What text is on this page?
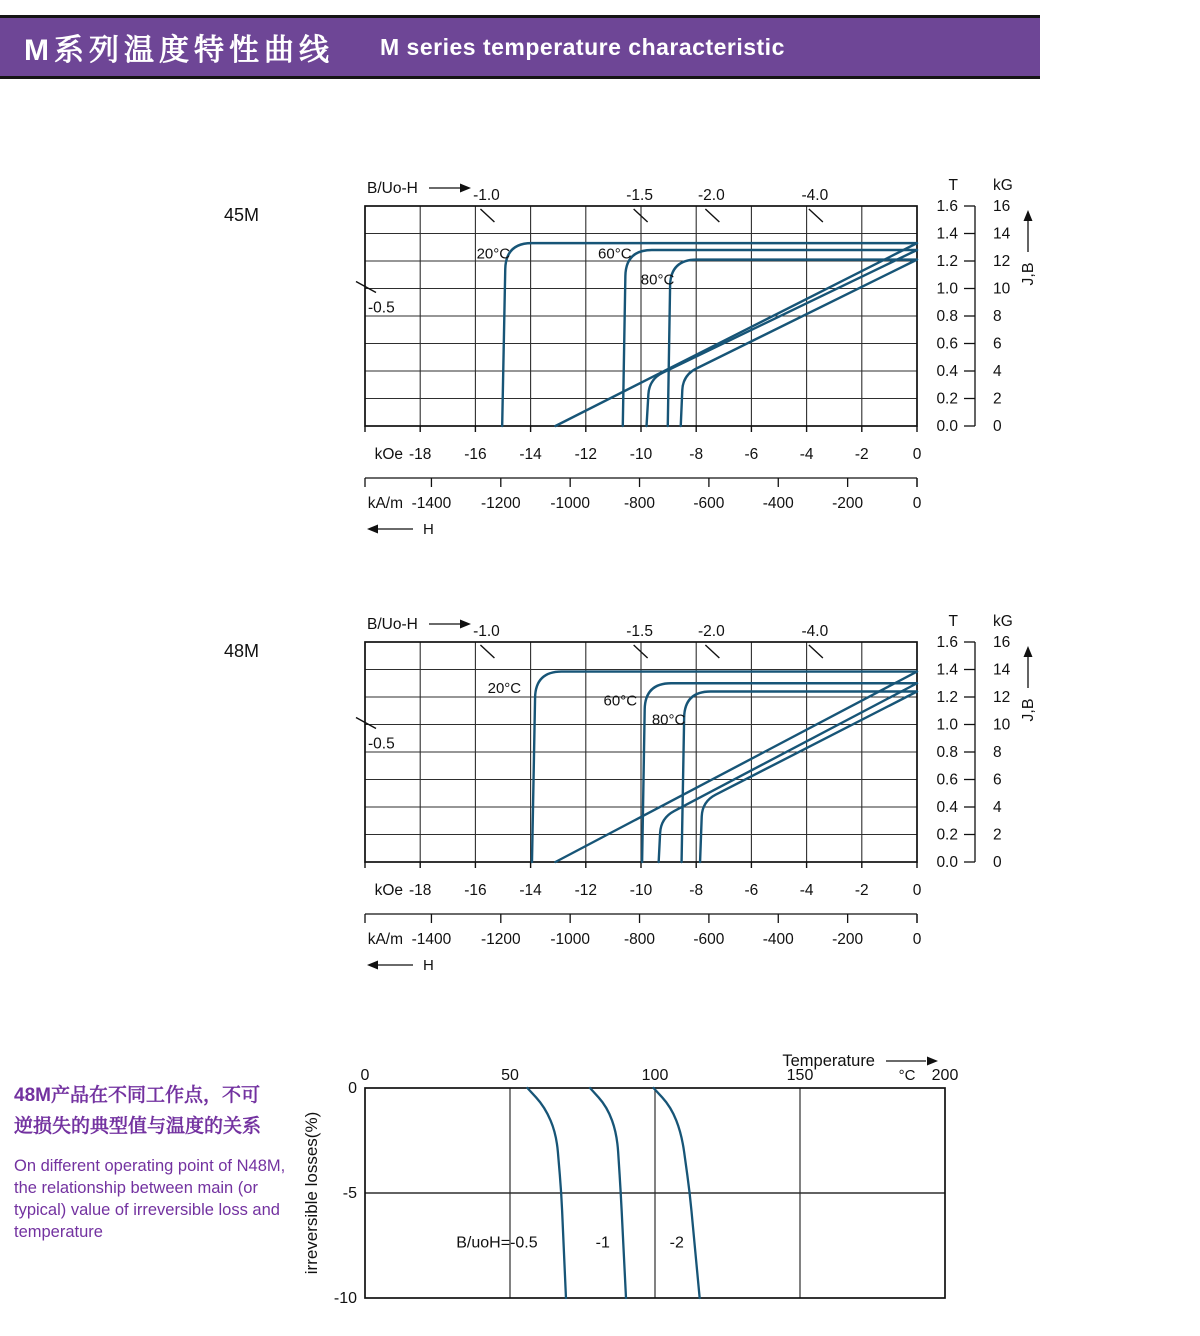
M系列温度特性曲线 M series temperature characteristic
45M
B/Uo-H	-1.0	-1.5	-2.0	-4.0
-0.5
20°C	60°C
80°C
kOe -18 -16 -14 -12 -10 -8	-6	-4	-2	0
kA/m -1400 -1200 -1000 -800 -600 -400 -200	0
H
1.6 16
1.4 14
1.2 12
1.0 10
0.8 8
0.6 6
0.4 4
0.2 2
0.0 0
T kG
J,B
48M
B/Uo-H	-1.0	-1.5	-2.0	-4.0
-0.5
20°C
60°C
80°C
kOe -18 -16 -14 -12 -10 -8	-6	-4	-2	0
kA/m -1400 -1200 -1000 -800 -600 -400 -200	0
H
1.6 16
1.4 14
1.2 12
1.0 10
0.8 8
0.6 6
0.4 4
0.2 2
0.0 0
T kG
J,B
0	50	100	150	200
°C
Temperature
0
-5
-10
irreversible losses(%)	B/uoH=-0.5	-1	-2
48M产品在不同工作点，不可
逆损失的典型值与温度的关系
On different operating point of N48M,
the relationship between main (or
typical) value of irreversible loss and
temperature
